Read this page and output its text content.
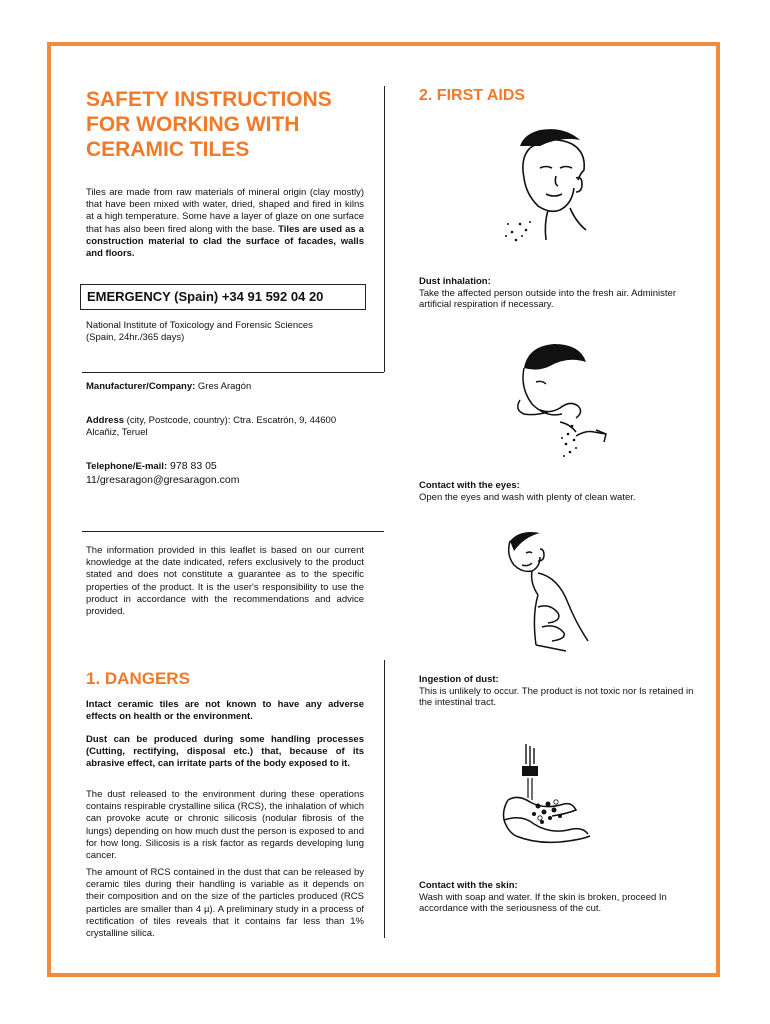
SAFETY INSTRUCTIONS FOR WORKING WITH CERAMIC TILES

Tiles are made from raw materials of mineral origin (clay mostly) that have been mixed with water, dried, shaped and fired in kilns at a high temperature. Some have a layer of glaze on one surface that has also been fired along with the base. Tiles are used as a construction material to clad the surface of facades, walls and floors.

EMERGENCY (Spain) +34 91 592 04 20

National Institute of Toxicology and Forensic Sciences
(Spain, 24hr./365 days)

Manufacturer/Company: Gres Aragón

Address (city, Postcode, country): Ctra. Escatrón, 9, 44600 Alcañiz, Teruel

Telephone/E-mail: 978 83 05
11/gresaragon@gresaragon.com

The information provided in this leaflet is based on our current knowledge at the date indicated, refers exclusively to the product stated and does not constitute a guarantee as to the specific properties of the product. It is the user's responsibility to use the product in accordance with the recommendations and advice provided.

1. DANGERS

Intact ceramic tiles are not known to have any adverse effects on health or the environment.

Dust can be produced during some handling processes (Cutting, rectifying, disposal etc.) that, because of its abrasive effect, can irritate parts of the body exposed to it.

The dust released to the environment during these operations contains respirable crystalline silica (RCS), the inhalation of which can provoke acute or chronic silicosis (nodular fibrosis of the lungs) depending on how much dust the person is exposed to and for how long. Silicosis is a risk factor as regards developing lung cancer.

The amount of RCS contained in the dust that can be released by ceramic tiles during their handling is variable as it depends on their composition and on the size of the particles produced (RCS particles are smaller than 4 µ). A preliminary study in a process of rectification of tiles reveals that it contains far less than 1% crystalline silica.

2. FIRST AIDS

Dust inhalation:
Take the affected person outside into the fresh air. Administer artificial respiration if necessary.

Contact with the eyes:
Open the eyes and wash with plenty of clean water.

Ingestion of dust:
This is unlikely to occur. The product is not toxic nor Is retained in the intestinal tract.

Contact with the skin:
Wash with soap and water. If the skin is broken, proceed In accordance with the seriousness of the cut.
